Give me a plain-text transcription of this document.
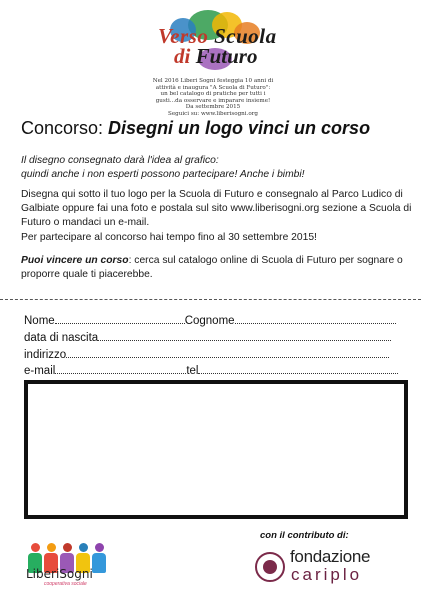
Verso Scuola
di Futuro
Nel 2016 Liberi Sogni festeggia 10 anni di
attività e inaugura "A Scuola di Futuro":
un bel catalogo di pratiche per tutti i
gusti...da osservare e imparare insieme!
Da settembre 2015
Seguici su: www.liberisogni.org
Concorso: Disegni un logo vinci un corso
Il disegno consegnato darà l'idea al grafico:
quindi anche i non esperti possono partecipare! Anche i bimbi!
Disegna qui sotto il tuo logo per la Scuola di Futuro e consegnalo al Parco Ludico di Galbiate oppure fai una foto e postala sul sito www.liberisogni.org sezione a Scuola di Futuro o mandaci un e-mail.
Per partecipare al concorso hai tempo fino al 30 settembre 2015!
Puoi vincere un corso: cerca sul catalogo online di Scuola di Futuro per sognare o proporre quale ti piacerebbe.
Nome	Cognome
data di nascita
indirizzo
e-mail	tel
LiberiSogni
cooperativa sociale
con il contributo di:
fondazione
cariplo
